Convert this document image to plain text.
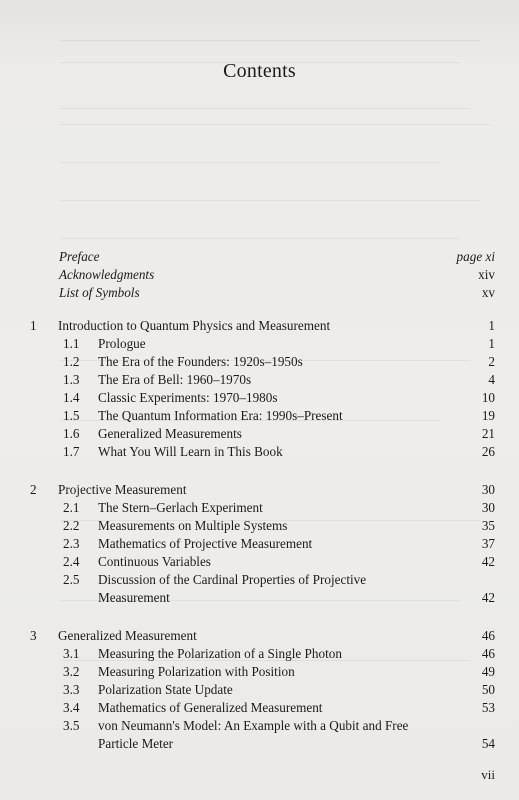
Contents
Preface	page xi
Acknowledgments	xiv
List of Symbols	xv
1 Introduction to Quantum Physics and Measurement	1
1.1 Prologue	1
1.2 The Era of the Founders: 1920s–1950s	2
1.3 The Era of Bell: 1960–1970s	4
1.4 Classic Experiments: 1970–1980s	10
1.5 The Quantum Information Era: 1990s–Present	19
1.6 Generalized Measurements	21
1.7 What You Will Learn in This Book	26
2 Projective Measurement	30
2.1 The Stern–Gerlach Experiment	30
2.2 Measurements on Multiple Systems	35
2.3 Mathematics of Projective Measurement	37
2.4 Continuous Variables	42
2.5 Discussion of the Cardinal Properties of Projective
Measurement	42
3 Generalized Measurement	46
3.1 Measuring the Polarization of a Single Photon	46
3.2 Measuring Polarization with Position	49
3.3 Polarization State Update	50
3.4 Mathematics of Generalized Measurement	53
3.5 von Neumann's Model: An Example with a Qubit and Free
Particle Meter	54
vii
